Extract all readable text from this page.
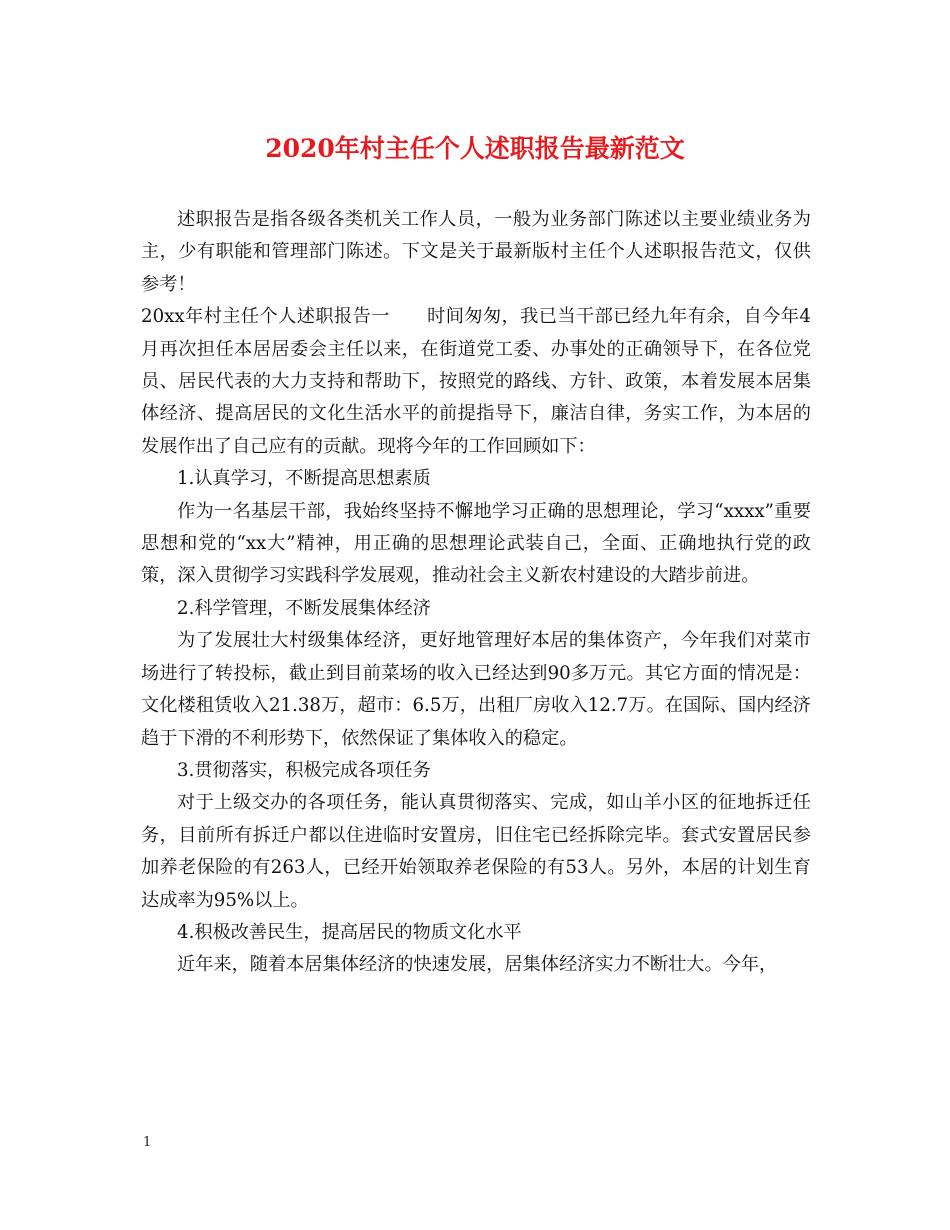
2020年村主任个人述职报告最新范文

述职报告是指各级各类机关工作人员，一般为业务部门陈述以主要业绩业务为主，少有职能和管理部门陈述。下文是关于最新版村主任个人述职报告范文，仅供参考！

20xx年村主任个人述职报告一　　时间匆匆，我已当干部已经九年有余，自今年4月再次担任本居居委会主任以来，在街道党工委、办事处的正确领导下，在各位党员、居民代表的大力支持和帮助下，按照党的路线、方针、政策，本着发展本居集体经济、提高居民的文化生活水平的前提指导下，廉洁自律，务实工作，为本居的发展作出了自己应有的贡献。现将今年的工作回顾如下：

1.认真学习，不断提高思想素质

作为一名基层干部，我始终坚持不懈地学习正确的思想理论，学习“xxxx”重要思想和党的“xx大”精神，用正确的思想理论武装自己，全面、正确地执行党的政策，深入贯彻学习实践科学发展观，推动社会主义新农村建设的大踏步前进。

2.科学管理，不断发展集体经济

为了发展壮大村级集体经济，更好地管理好本居的集体资产，今年我们对菜市场进行了转投标，截止到目前菜场的收入已经达到90多万元。其它方面的情况是：文化楼租赁收入21.38万，超市：6.5万，出租厂房收入12.7万。在国际、国内经济趋于下滑的不利形势下，依然保证了集体收入的稳定。

3.贯彻落实，积极完成各项任务

对于上级交办的各项任务，能认真贯彻落实、完成，如山羊小区的征地拆迁任务，目前所有拆迁户都以住进临时安置房，旧住宅已经拆除完毕。套式安置居民参加养老保险的有263人，已经开始领取养老保险的有53人。另外，本居的计划生育达成率为95%以上。

4.积极改善民生，提高居民的物质文化水平

近年来，随着本居集体经济的快速发展，居集体经济实力不断壮大。今年，

1
